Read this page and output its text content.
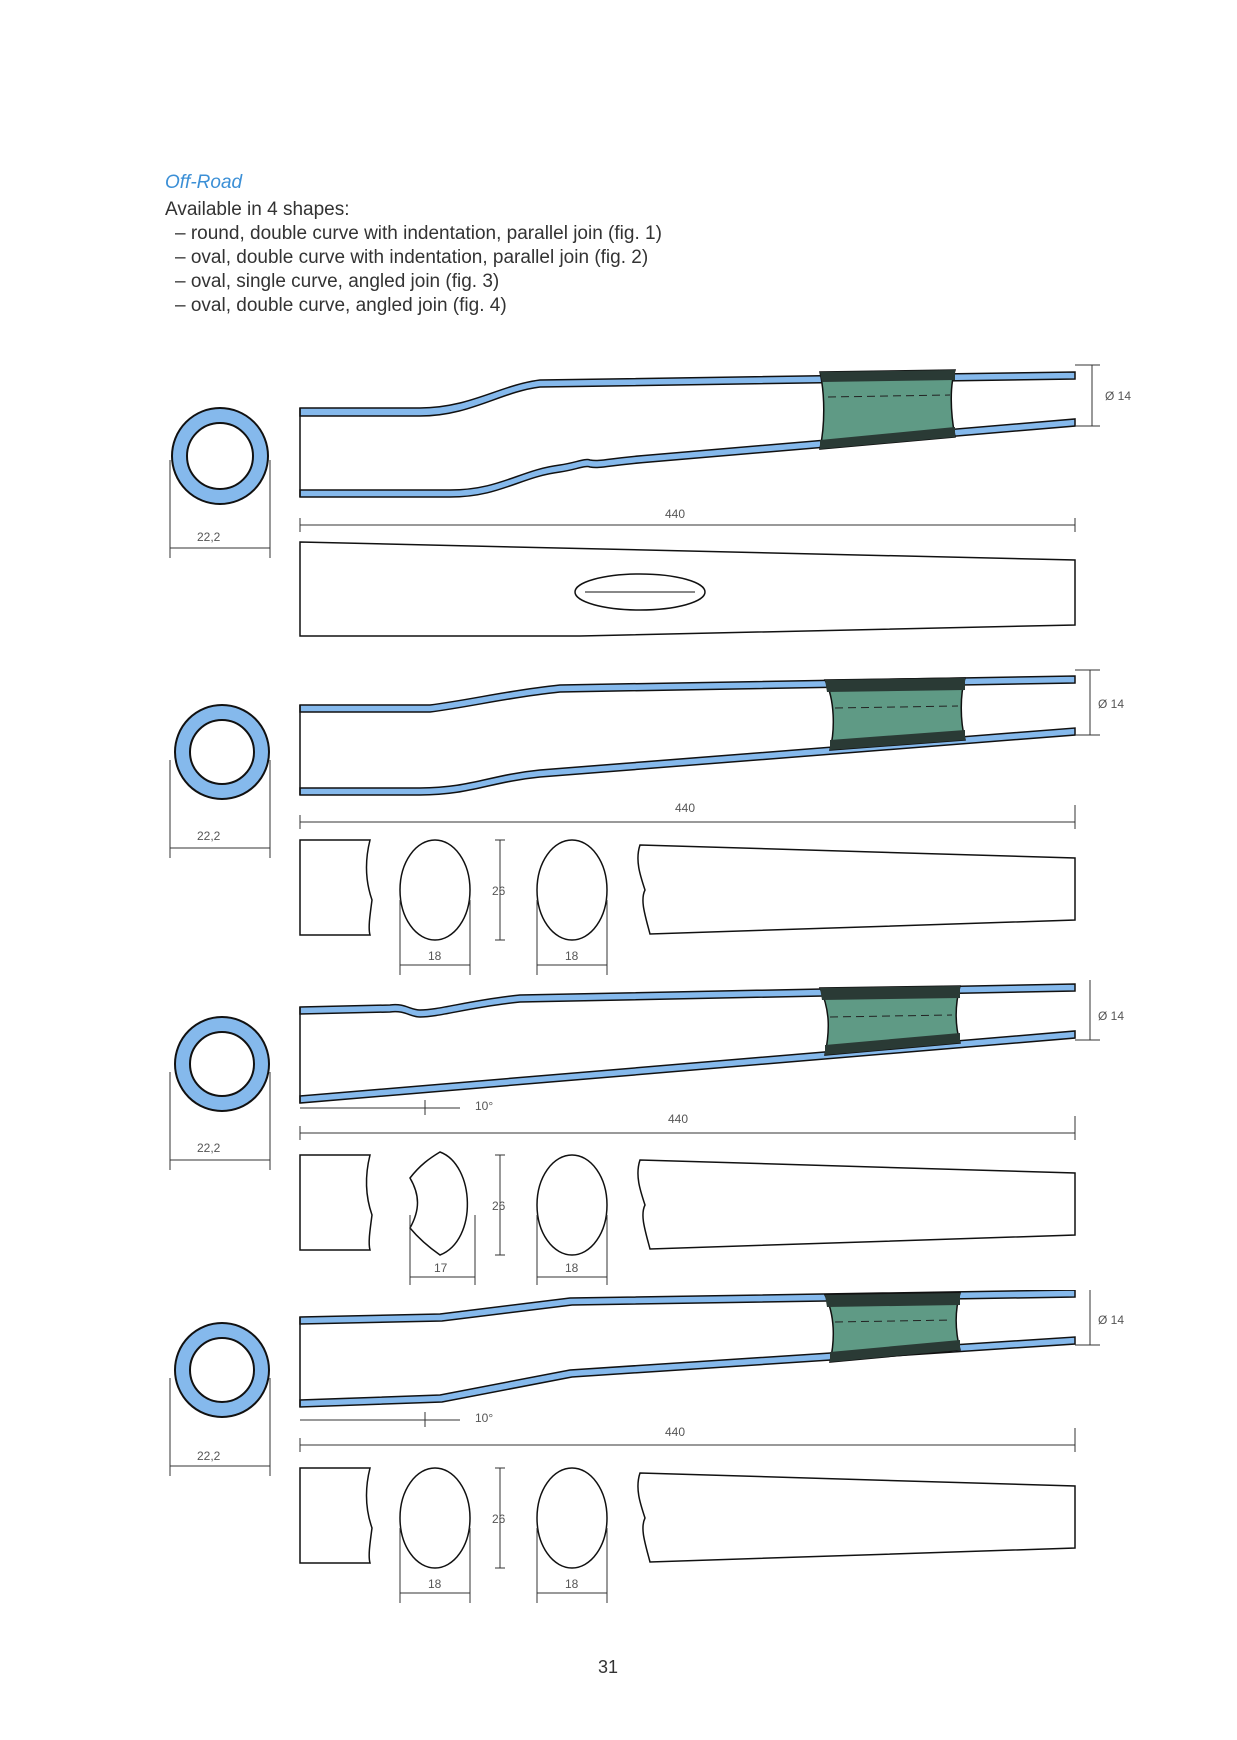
Off-Road
Available in 4 shapes:
– round, double curve with indentation, parallel join (fig. 1)
– oval, double curve with indentation, parallel join (fig. 2)
– oval, single curve, angled join (fig. 3)
– oval, double curve, angled join (fig. 4)
22,2
Ø 14
440
22,2
Ø 14
440
26
18	18
22,2
Ø 14
10°
440
26
17	18
22,2
Ø 14
10°
440
26
18	18
31
